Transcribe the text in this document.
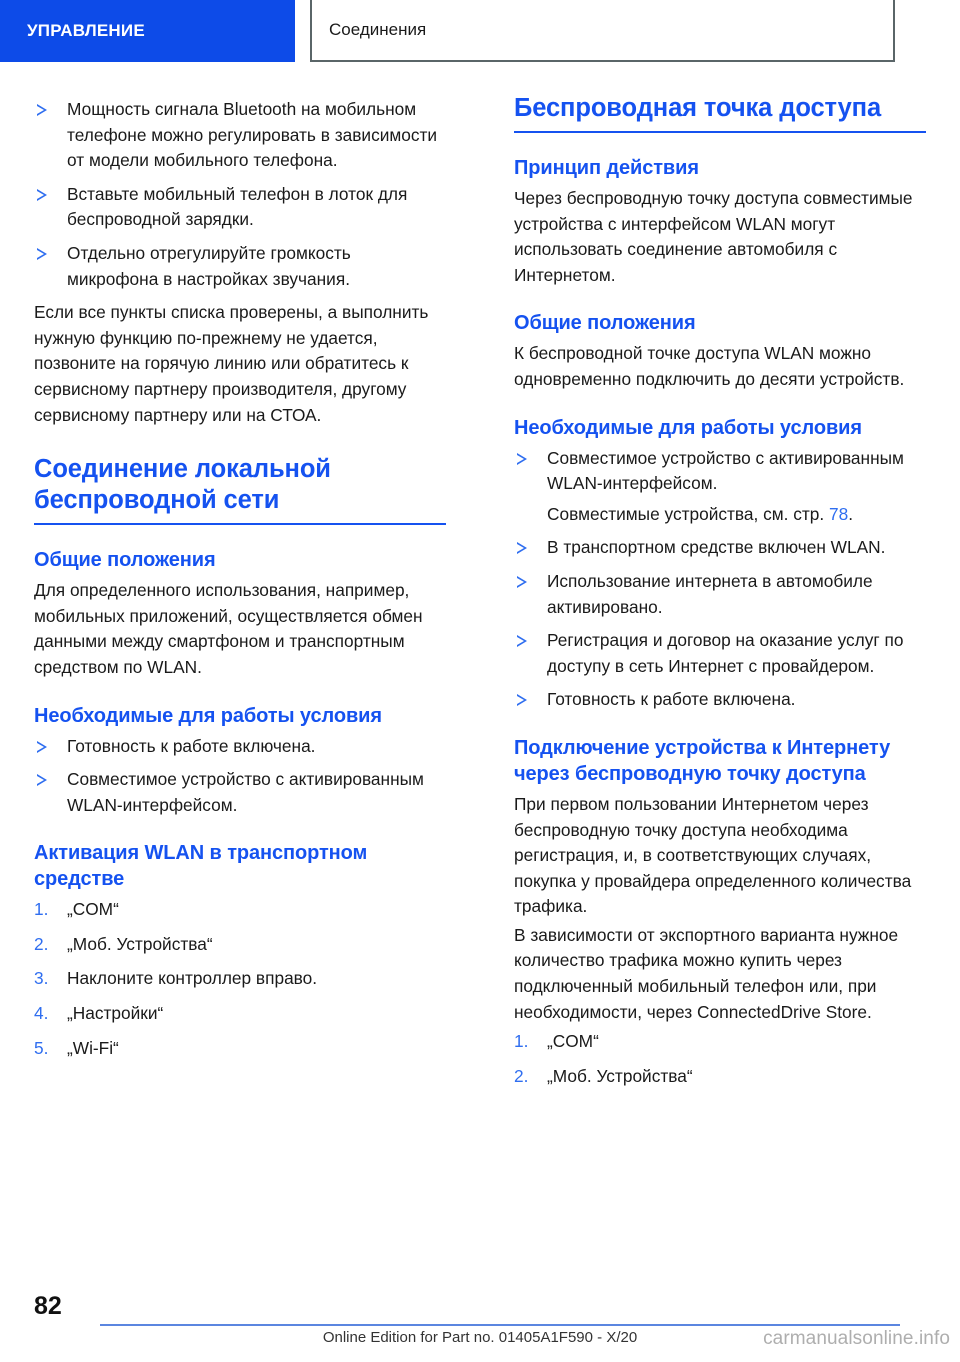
УПРАВЛЕНИЕ	Соединения
Мощность сигнала Bluetooth на мобильном телефоне можно регулировать в зависимости от модели мобильного телефона.
Вставьте мобильный телефон в лоток для беспроводной зарядки.
Отдельно отрегулируйте громкость микрофона в настройках звучания.

Если все пункты списка проверены, а выполнить нужную функцию по-прежнему не удается, позвоните на горячую линию или обратитесь к сервисному партнеру производителя, другому сервисному партнеру или на СТОА.

Соединение локальной беспроводной сети
Общие положения

Для определенного использования, например, мобильных приложений, осуществляется обмен данными между смартфоном и транспортным средством по WLAN.

Необходимые для работы условия
Готовность к работе включена.
Совместимое устройство с активированным WLAN-интерфейсом.
Активация WLAN в транспортном средстве
„COM“
„Моб. Устройства“
Наклоните контроллер вправо.
„Настройки“
„Wi-Fi“
Беспроводная точка доступа
Принцип действия

Через беспроводную точку доступа совместимые устройства с интерфейсом WLAN могут использовать соединение автомобиля с Интернетом.

Общие положения

К беспроводной точке доступа WLAN можно одновременно подключить до десяти устройств.

Необходимые для работы условия
Совместимое устройство с активированным WLAN-интерфейсом.
Совместимые устройства, см. стр. 78.
В транспортном средстве включен WLAN.
Использование интернета в автомобиле активировано.
Регистрация и договор на оказание услуг по доступу в сеть Интернет с провайдером.
Готовность к работе включена.
Подключение устройства к Интернету через беспроводную точку доступа

При первом пользовании Интернетом через беспроводную точку доступа необходима регистрация, и, в соответствующих случаях, покупка у провайдера определенного количества трафика.

В зависимости от экспортного варианта нужное количество трафика можно купить через подключенный мобильный телефон или, при необходимости, через ConnectedDrive Store.

„COM“
„Моб. Устройства“
82
Online Edition for Part no. 01405A1F590 - X/20	carmanualsonline.info
